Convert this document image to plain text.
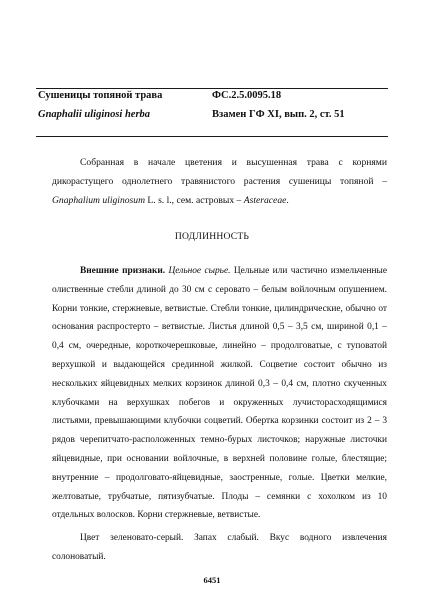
Сушеницы топяной трава
Gnaphalii uliginosi herba
ФС.2.5.0095.18
Взамен ГФ XI, вып. 2, ст. 51

Собранная в начале цветения и высушенная трава с корнями дикорастущего однолетнего травянистого растения сушеницы топяной – Gnaphalium uliginosum L. s. l., сем. астровых – Asteraceae.

ПОДЛИННОСТЬ

Внешние признаки. Цельное сырье. Цельные или частично измельченные олиственные стебли длиной до 30 см с серовато – белым войлочным опушением. Корни тонкие, стержневые, ветвистые. Стебли тонкие, цилиндрические, обычно от основания распростерто – ветвистые. Листья длиной 0,5 – 3,5 см, шириной 0,1 – 0,4 см, очередные, короткочерешковые, линейно – продолговатые, с туповатой верхушкой и выдающейся срединной жилкой. Соцветие состоит обычно из нескольких яйцевидных мелких корзинок длиной 0,3 – 0,4 см, плотно скученных клубочками на верхушках побегов и окруженных лучисторасходящимися листьями, превышающими клубочки соцветий. Обертка корзинки состоит из 2 – 3 рядов черепитчато-расположенных темно-бурых листочков; наружные листочки яйцевидные, при основании войлочные, в верхней половине голые, блестящие; внутренние – продолговато-яйцевидные, заостренные, голые. Цветки мелкие, желтоватые, трубчатые, пятизубчатые. Плоды – семянки с хохолком из 10 отдельных волосков. Корни стержневые, ветвистые.

Цвет зеленовато-серый. Запах слабый. Вкус водного извлечения солоноватый.

6451
